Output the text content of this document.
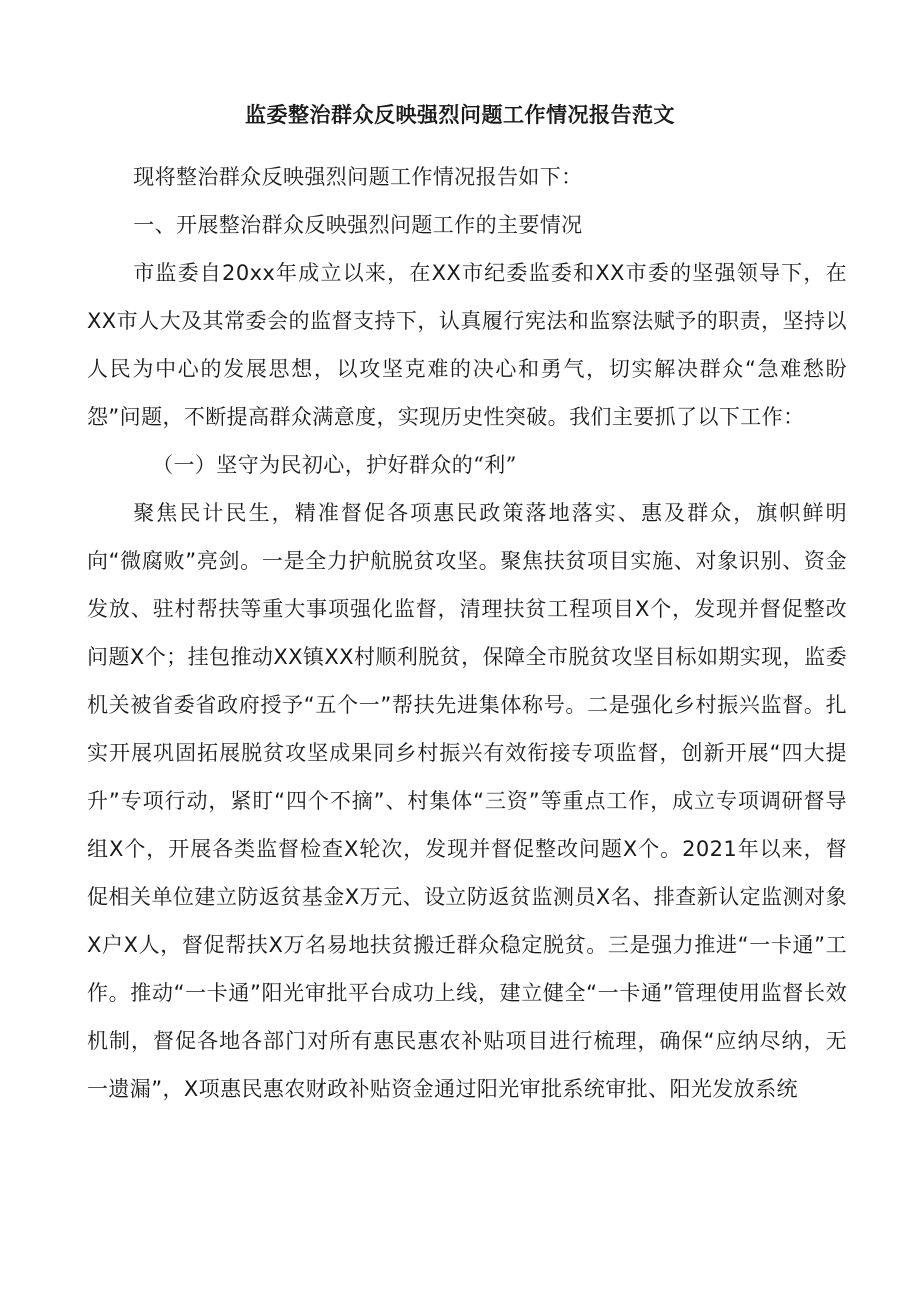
监委整治群众反映强烈问题工作情况报告范文

现将整治群众反映强烈问题工作情况报告如下：

一、开展整治群众反映强烈问题工作的主要情况

市监委自20xx年成立以来，在XX市纪委监委和XX市委的坚强领导下，在XX市人大及其常委会的监督支持下，认真履行宪法和监察法赋予的职责，坚持以人民为中心的发展思想，以攻坚克难的决心和勇气，切实解决群众“急难愁盼怨”问题，不断提高群众满意度，实现历史性突破。我们主要抓了以下工作：

（一）坚守为民初心，护好群众的“利”

聚焦民计民生，精准督促各项惠民政策落地落实、惠及群众，旗帜鲜明向“微腐败”亮剑。一是全力护航脱贫攻坚。聚焦扶贫项目实施、对象识别、资金发放、驻村帮扶等重大事项强化监督，清理扶贫工程项目X个，发现并督促整改问题X个；挂包推动XX镇XX村顺利脱贫，保障全市脱贫攻坚目标如期实现，监委机关被省委省政府授予“五个一”帮扶先进集体称号。二是强化乡村振兴监督。扎实开展巩固拓展脱贫攻坚成果同乡村振兴有效衔接专项监督，创新开展“四大提升”专项行动，紧盯“四个不摘”、村集体“三资”等重点工作，成立专项调研督导组X个，开展各类监督检查X轮次，发现并督促整改问题X个。2021年以来，督促相关单位建立防返贫基金X万元、设立防返贫监测员X名、排查新认定监测对象X户X人，督促帮扶X万名易地扶贫搬迁群众稳定脱贫。三是强力推进“一卡通”工作。推动“一卡通”阳光审批平台成功上线，建立健全“一卡通”管理使用监督长效机制，督促各地各部门对所有惠民惠农补贴项目进行梳理，确保“应纳尽纳，无一遗漏”，X项惠民惠农财政补贴资金通过阳光审批系统审批、阳光发放系统
